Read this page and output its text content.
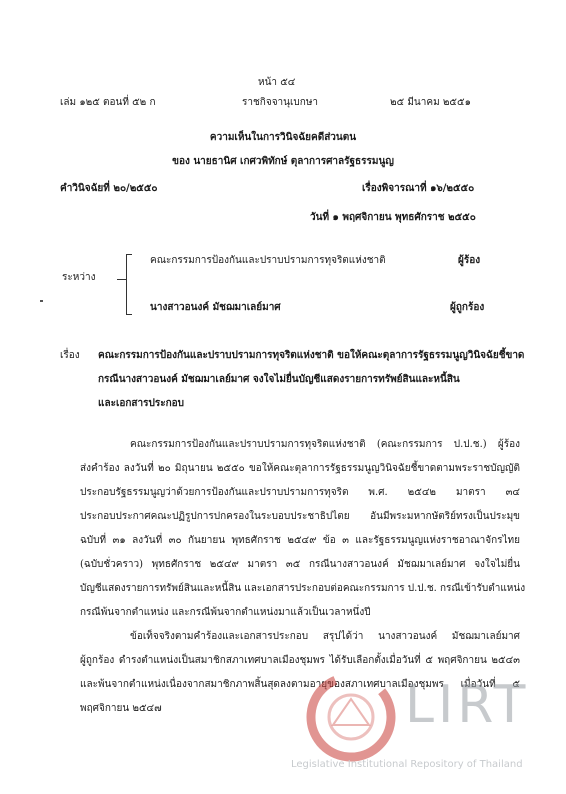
หน้า ๕๔
เล่ม ๑๒๕ ตอนที่ ๕๒ ก	ราชกิจจานุเบกษา	๒๕ มีนาคม ๒๕๕๑
ความเห็นในการวินิจฉัยคดีส่วนตน
ของ นายธานิศ เกศวพิทักษ์ ตุลาการศาลรัฐธรรมนูญ
คำวินิจฉัยที่ ๒๐/๒๕๕๐	เรื่องพิจารณาที่ ๑๖/๒๕๕๐
วันที่ ๑ พฤศจิกายน พุทธศักราช ๒๕๕๐
ระหว่าง
คณะกรรมการป้องกันและปราบปรามการทุจริตแห่งชาติ	ผู้ร้อง
นางสาวอนงค์ มัชฌมาเลย์มาศ	ผู้ถูกร้อง
เรื่อง คณะกรรมการป้องกันและปราบปรามการทุจริตแห่งชาติ ขอให้คณะตุลาการรัฐธรรมนูญวินิจฉัยชี้ขาด
กรณีนางสาวอนงค์ มัชฌมาเลย์มาศ จงใจไม่ยื่นบัญชีแสดงรายการทรัพย์สินและหนี้สิน
และเอกสารประกอบ
คณะกรรมการป้องกันและปราบปรามการทุจริตแห่งชาติ (คณะกรรมการ ป.ป.ช.) ผู้ร้อง
ส่งคำร้อง ลงวันที่ ๒๐ มิถุนายน ๒๕๕๐ ขอให้คณะตุลาการรัฐธรรมนูญวินิจฉัยชี้ขาดตามพระราชบัญญัติ
ประกอบรัฐธรรมนูญว่าด้วยการป้องกันและปราบปรามการทุจริต พ.ศ. ๒๕๔๒ มาตรา ๓๔
ประกอบประกาศคณะปฏิรูปการปกครองในระบอบประชาธิปไตย อันมีพระมหากษัตริย์ทรงเป็นประมุข
ฉบับที่ ๓๑ ลงวันที่ ๓๐ กันยายน พุทธศักราช ๒๕๔๙ ข้อ ๓ และรัฐธรรมนูญแห่งราชอาณาจักรไทย
(ฉบับชั่วคราว) พุทธศักราช ๒๕๔๙ มาตรา ๓๕ กรณีนางสาวอนงค์ มัชฌมาเลย์มาศ จงใจไม่ยื่น
บัญชีแสดงรายการทรัพย์สินและหนี้สิน และเอกสารประกอบต่อคณะกรรมการ ป.ป.ช. กรณีเข้ารับตำแหน่ง
กรณีพ้นจากตำแหน่ง และกรณีพ้นจากตำแหน่งมาแล้วเป็นเวลาหนึ่งปี
ข้อเท็จจริงตามคำร้องและเอกสารประกอบ สรุปได้ว่า นางสาวอนงค์ มัชฌมาเลย์มาศ
ผู้ถูกร้อง ดำรงตำแหน่งเป็นสมาชิกสภาเทศบาลเมืองชุมพร ได้รับเลือกตั้งเมื่อวันที่ ๕ พฤศจิกายน ๒๕๔๓
และพ้นจากตำแหน่งเนื่องจากสมาชิกภาพสิ้นสุดลงตามอายุของสภาเทศบาลเมืองชุมพร เมื่อวันที่ ๕
พฤศจิกายน ๒๕๔๗	LIRT
Legislative Institutional Repository of Thailand
